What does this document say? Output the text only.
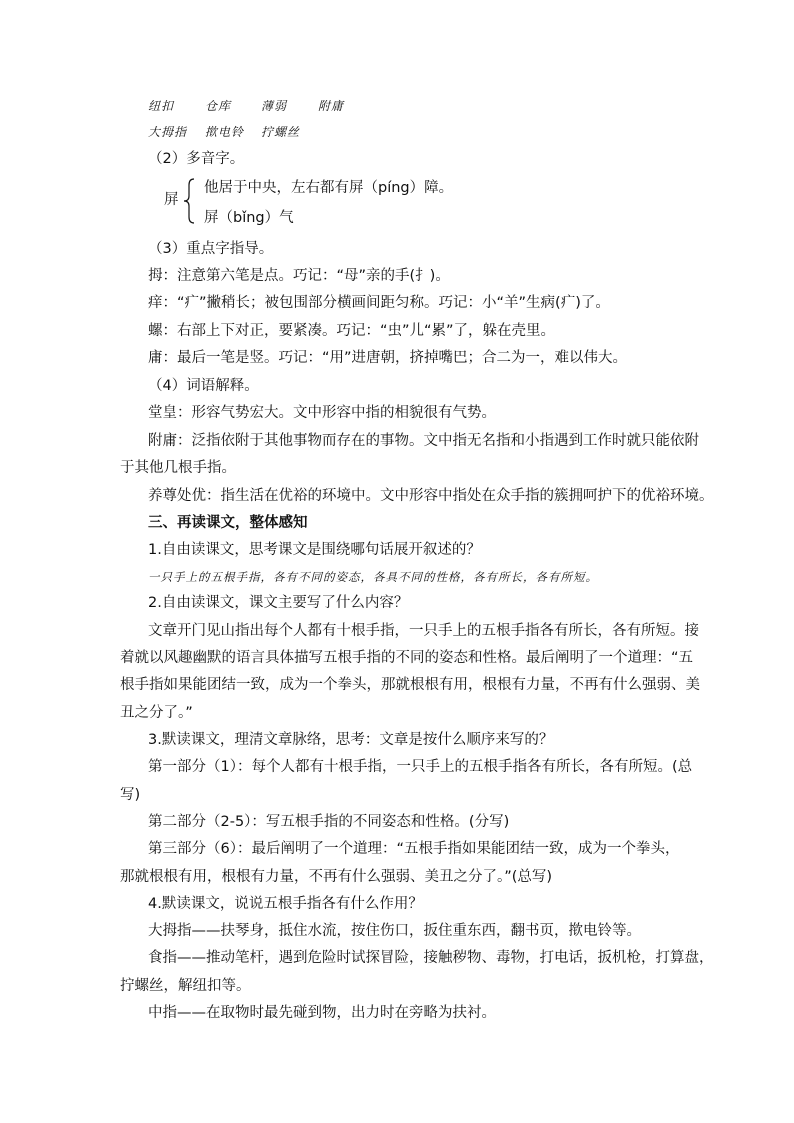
纽扣	仓库 薄弱	附庸
大拇指 揿电铃 拧螺丝
（2）多音字。
屏
他居于中央，左右都有屏（píng）障。
屏（bǐng）气
（3）重点字指导。
拇：注意第六笔是点。巧记：“母”亲的手(扌)。
痒：“疒”撇稍长；被包围部分横画间距匀称。巧记：小“羊”生病(疒)了。
螺：右部上下对正，要紧凑。巧记：“虫”儿“累”了，躲在壳里。
庸：最后一笔是竖。巧记：“用”进唐朝，挤掉嘴巴；合二为一，难以伟大。
（4）词语解释。
堂皇：形容气势宏大。文中形容中指的相貌很有气势。
附庸：泛指依附于其他事物而存在的事物。文中指无名指和小指遇到工作时就只能依附
于其他几根手指。
养尊处优：指生活在优裕的环境中。文中形容中指处在众手指的簇拥呵护下的优裕环境。
三、再读课文，整体感知
1.自由读课文，思考课文是围绕哪句话展开叙述的？
一只手上的五根手指，各有不同的姿态，各具不同的性格，各有所长，各有所短。
2.自由读课文，课文主要写了什么内容？
文章开门见山指出每个人都有十根手指，一只手上的五根手指各有所长，各有所短。接
着就以风趣幽默的语言具体描写五根手指的不同的姿态和性格。最后阐明了一个道理：“五
根手指如果能团结一致，成为一个拳头，那就根根有用，根根有力量，不再有什么强弱、美
丑之分了。”
3.默读课文，理清文章脉络，思考：文章是按什么顺序来写的？
第一部分（1）：每个人都有十根手指，一只手上的五根手指各有所长，各有所短。(总
写)
第二部分（2-5）：写五根手指的不同姿态和性格。(分写)
第三部分（6）：最后阐明了一个道理：“五根手指如果能团结一致，成为一个拳头，
那就根根有用，根根有力量，不再有什么强弱、美丑之分了。”(总写)
4.默读课文，说说五根手指各有什么作用？
大拇指——扶琴身，抵住水流，按住伤口，扳住重东西，翻书页，揿电铃等。
食指——推动笔杆，遇到危险时试探冒险，接触秽物、毒物，打电话，扳机枪，打算盘，
拧螺丝，解纽扣等。
中指——在取物时最先碰到物，出力时在旁略为扶衬。
